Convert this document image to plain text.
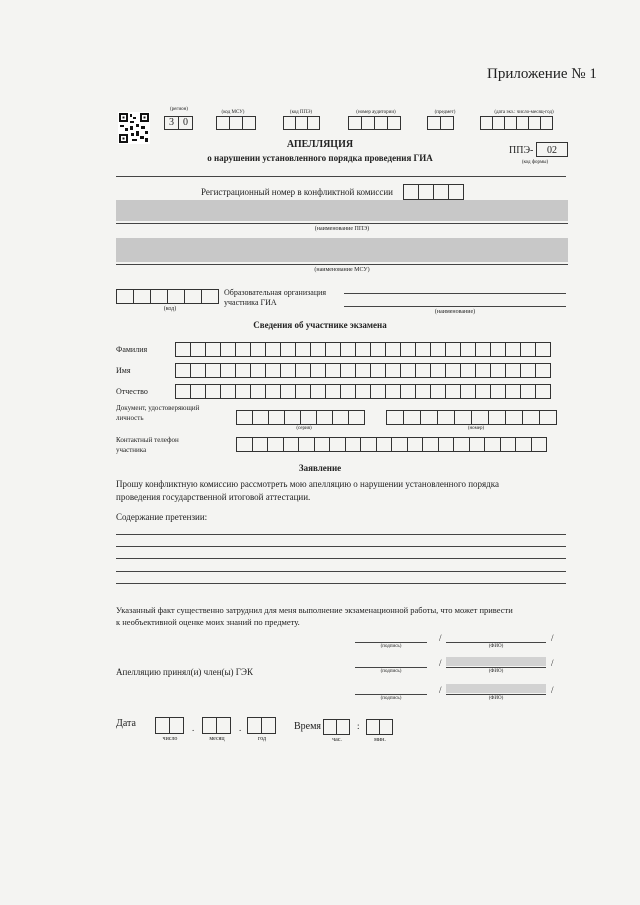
Приложение № 1
(регион)
(код МСУ)	(код ППЭ)	(номер аудитории)	(предмет)	(дата экз.: число-месяц-год)
3 0
АПЕЛЛЯЦИЯ
о нарушении установленного порядка проведения ГИА
ППЭ-	02
(код формы)
Регистрационный номер в конфликтной комиссии
(наименование ППЭ)
(наименование МСУ)
(код)
Образовательная организация
участника ГИА
(наименование)
Сведения об участнике экзамена
Фамилия
Имя
Отчество
Документ, удостоверяющий
личность
(серия)	(номер)
Контактный телефон
участника
Заявление
Прошу конфликтную комиссию рассмотреть мою апелляцию о нарушении установленного порядка
проведения государственной итоговой аттестации.
Содержание претензии:
Указанный факт существенно затруднил для меня выполнение экзаменационной работы, что может привести
к необъективной оценке моих знаний по предмету.
(подпись)
/
(ФИО)
/
Апелляцию принял(и) член(ы) ГЭК	(подпись)
/
(ФИО)
/
(подпись)
/
(ФИО)
/
Дата
число
.
месяц
.
год
Время
час.
:
мин.
